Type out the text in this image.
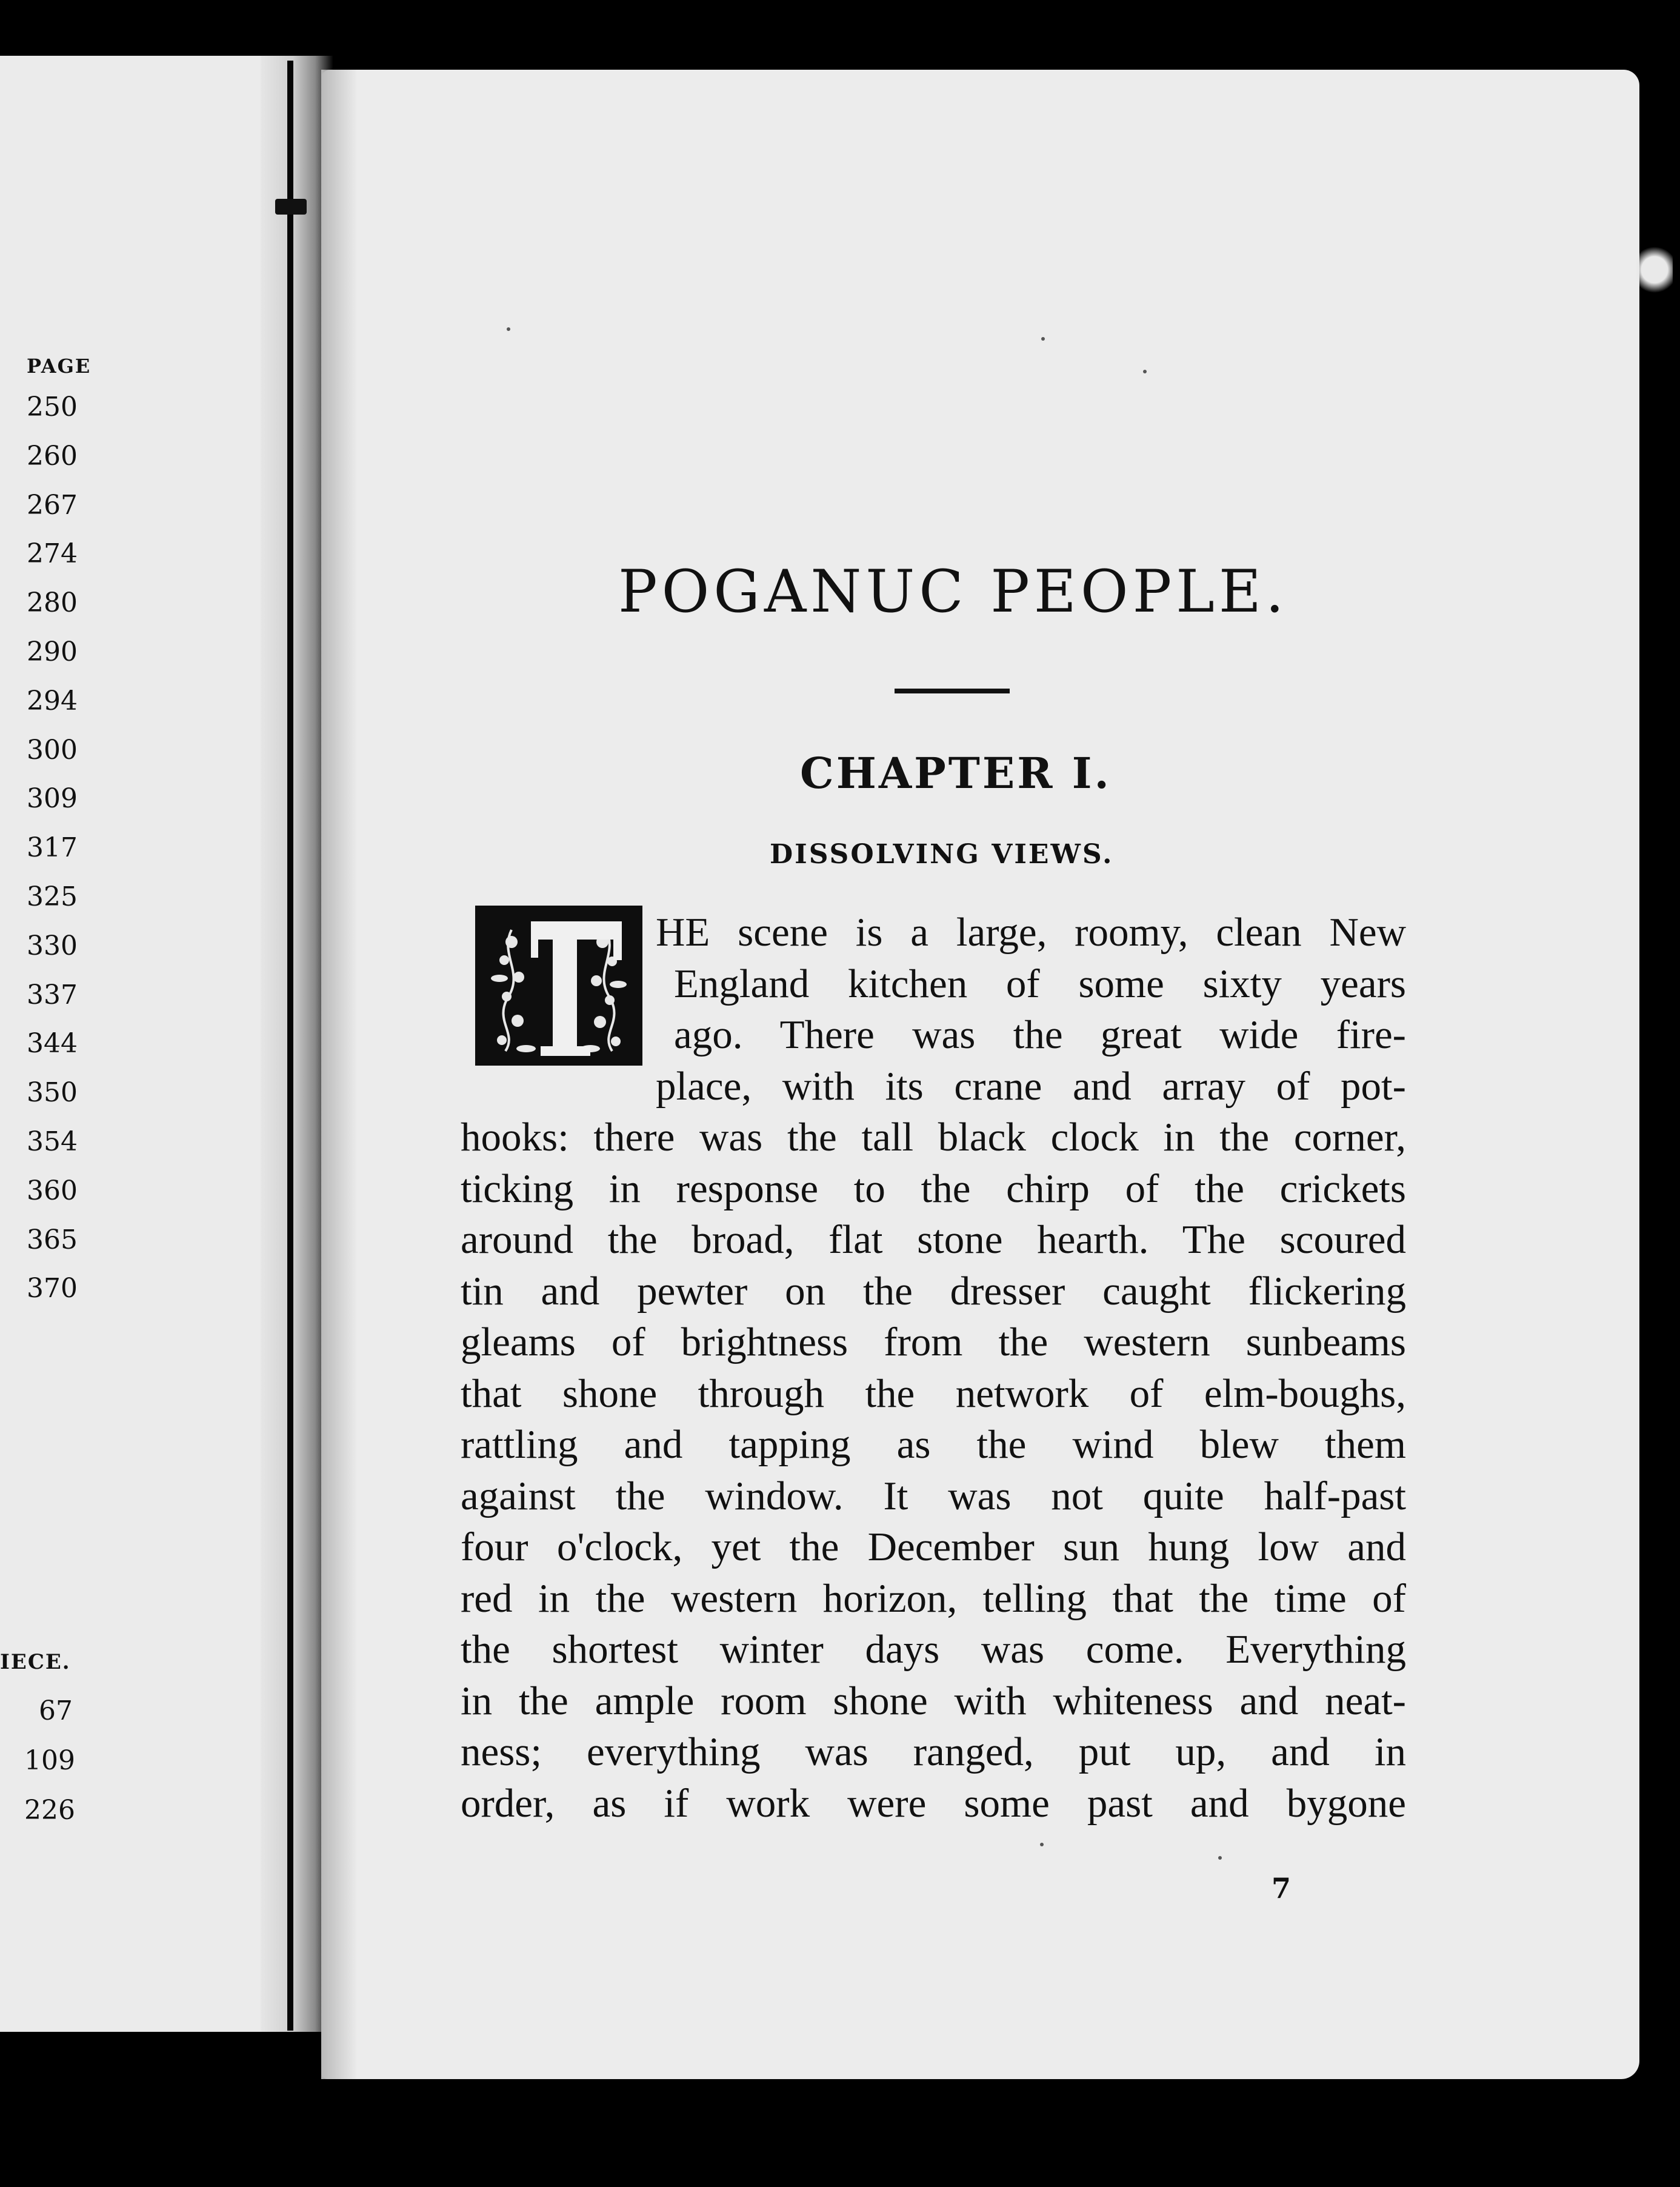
PAGE
250
260
267
274
280
290
294
300
309
317
325
330
337
344
350
354
360
365
370
IECE.
67
109
226
POGANUC PEOPLE.
CHAPTER I.
DISSOLVING VIEWS.
HE scene is a large, roomy, clean New
England kitchen of some sixty years
ago. There was the great wide fire-
place, with its crane and array of pot-
hooks: there was the tall black clock in the corner,
ticking in response to the chirp of the crickets
around the broad, flat stone hearth. The scoured
tin and pewter on the dresser caught flickering
gleams of brightness from the western sunbeams
that shone through the network of elm-boughs,
rattling and tapping as the wind blew them
against the window. It was not quite half-past
four o'clock, yet the December sun hung low and
red in the western horizon, telling that the time of
the shortest winter days was come. Everything
in the ample room shone with whiteness and neat-
ness; everything was ranged, put up, and in
order, as if work were some past and bygone
7
